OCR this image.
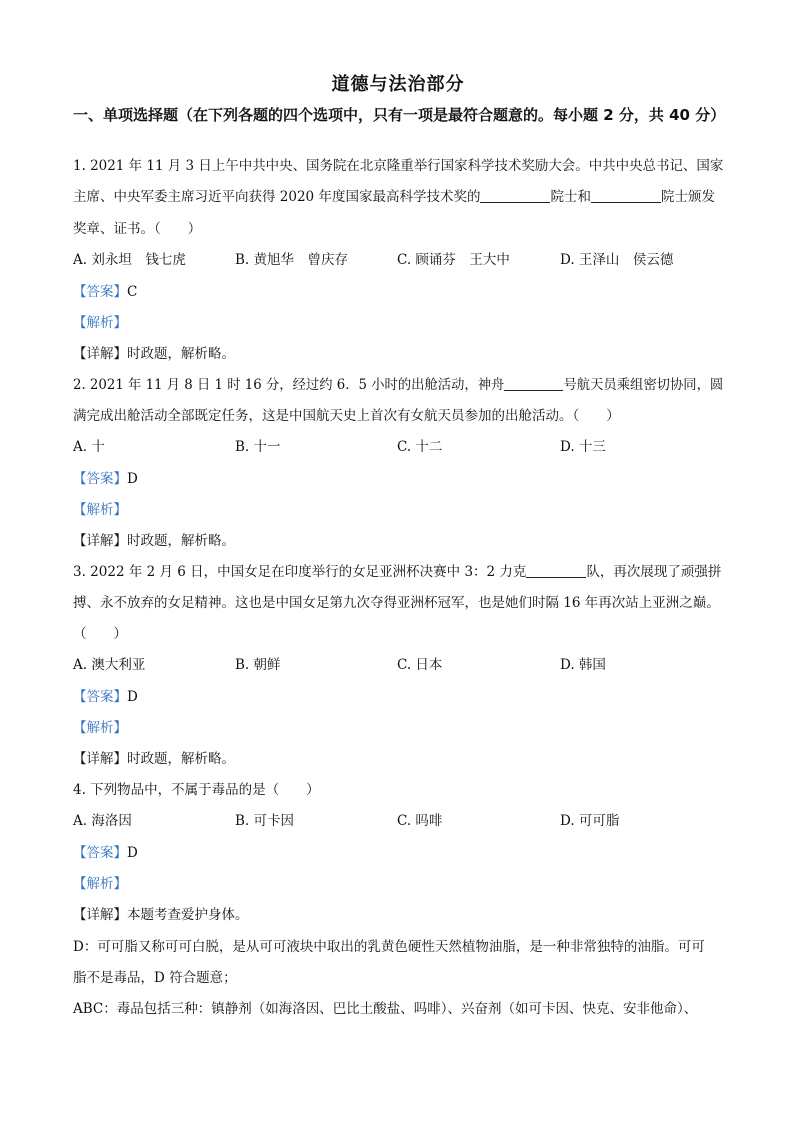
道德与法治部分
一、单项选择题（在下列各题的四个选项中，只有一项是最符合题意的。每小题 2 分，共 40 分）
1. 2021 年 11 月 3 日上午中共中央、国务院在北京隆重举行国家科学技术奖励大会。中共中央总书记、国家
主席、中央军委主席习近平向获得 2020 年度国家最高科学技术奖的	院士和	院士颁发
奖章、证书。（　　）
A. 刘永坦　钱七虎	B. 黄旭华　曾庆存	C. 顾诵芬　王大中	D. 王泽山　侯云德
【答案】C
【解析】
【详解】时政题，解析略。
2. 2021 年 11 月 8 日 1 时 16 分，经过约 6．5 小时的出舱活动，神舟	号航天员乘组密切协同，圆
满完成出舱活动全部既定任务，这是中国航天史上首次有女航天员参加的出舱活动。（　　）
A. 十	B. 十一	C. 十二	D. 十三
【答案】D
【解析】
【详解】时政题，解析略。
3. 2022 年 2 月 6 日，中国女足在印度举行的女足亚洲杯决赛中 3：2 力克	队，再次展现了顽强拼
搏、永不放弃的女足精神。这也是中国女足第九次夺得亚洲杯冠军，也是她们时隔 16 年再次站上亚洲之巅。
（　　）
A. 澳大利亚	B. 朝鲜	C. 日本	D. 韩国
【答案】D
【解析】
【详解】时政题，解析略。
4. 下列物品中，不属于毒品的是（　　）
A. 海洛因	B. 可卡因	C. 吗啡	D. 可可脂
【答案】D
【解析】
【详解】本题考查爱护身体。
D：可可脂又称可可白脱，是从可可液块中取出的乳黄色硬性天然植物油脂，是一种非常独特的油脂。可可
脂不是毒品，D 符合题意；
ABC：毒品包括三种：镇静剂（如海洛因、巴比土酸盐、吗啡）、兴奋剂（如可卡因、快克、安非他命）、
